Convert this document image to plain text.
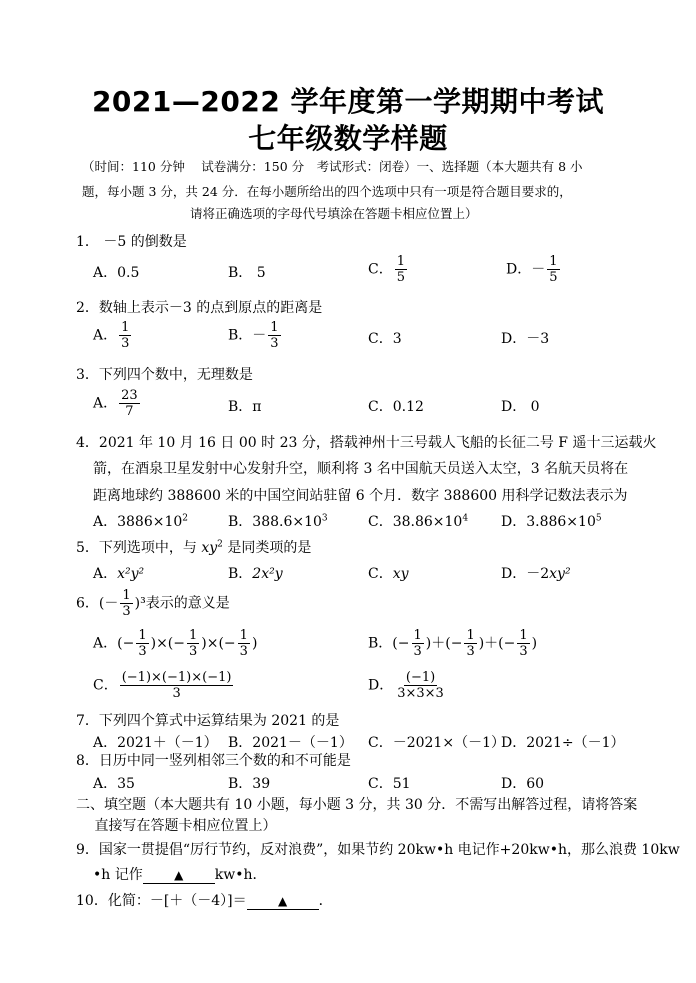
2021—2022 学年度第一学期期中考试
七年级数学样题
（时间：110 分钟　 试卷满分：150 分　考试形式：闭卷）一、选择题（本大题共有 8 小
题，每小题 3 分，共 24 分．在每小题所给出的四个选项中只有一项是符合题目要求的，
请将正确选项的字母代号填涂在答题卡相应位置上）
1． －5 的倒数是
A．0.5	B． 5	C． $\frac{1}{5}$	D．－ $\frac{1}{5}$
2．数轴上表示－3 的点到原点的距离是
A． $\frac{1}{3}$	B．－ $\frac{1}{3}$	C．3	D．－3
3．下列四个数中，无理数是
A． $\frac{23}{7}$	B．π	C．0.12	D． 0
4．2021 年 10 月 16 日 00 时 23 分，搭载神州十三号载人飞船的长征二号 F 遥十三运载火
箭，在酒泉卫星发射中心发射升空，顺利将 3 名中国航天员送入太空，3 名航天员将在
距离地球约 388600 米的中国空间站驻留 6 个月．数字 388600 用科学记数法表示为
A．$3886\times 10^2$	B．$388.6\times 10^3$	C．$38.86\times 10^4$ D．$3.886\times 10^5$
5．下列选项中，与 $xy^2$ 是同类项的是
A．x²y²	B．2x²y	C．xy	D．－2xy²
6．(－ $\frac{1}{3} )^3$表示的意义是
A．(− $\frac{1}{3}$ )×(− $\frac{1}{3}$ )×(− $\frac{1}{3}$ )	B．(− $\frac{1}{3}$ )＋(− $\frac{1}{3}$ )＋(− $\frac{1}{3}$ )
C． $\frac{(-1)\times(-1)\times(-1)}{3}$	D． $\frac{(-1)}{3\times 3\times 3}$
7．下列四个算式中运算结果为 2021 的是
A．2021＋（－1） B．2021－（－1） C．－2021×（－1）
D．2021÷（－1）
8．日历中同一竖列相邻三个数的和不可能是
A．35	B．39	C．51	D．60
二、填空题（本大题共有 10 小题，每小题 3 分，共 30 分．不需写出解答过程，请将答案
　 直接写在答题卡相应位置上）
9．国家一贯提倡“厉行节约，反对浪费”，如果节约 20kw•h 电记作+20kw•h，那么浪费 10kw
•h 记作	▲ kw•h．
10．化简：－[＋（－4）]＝	▲ ．
